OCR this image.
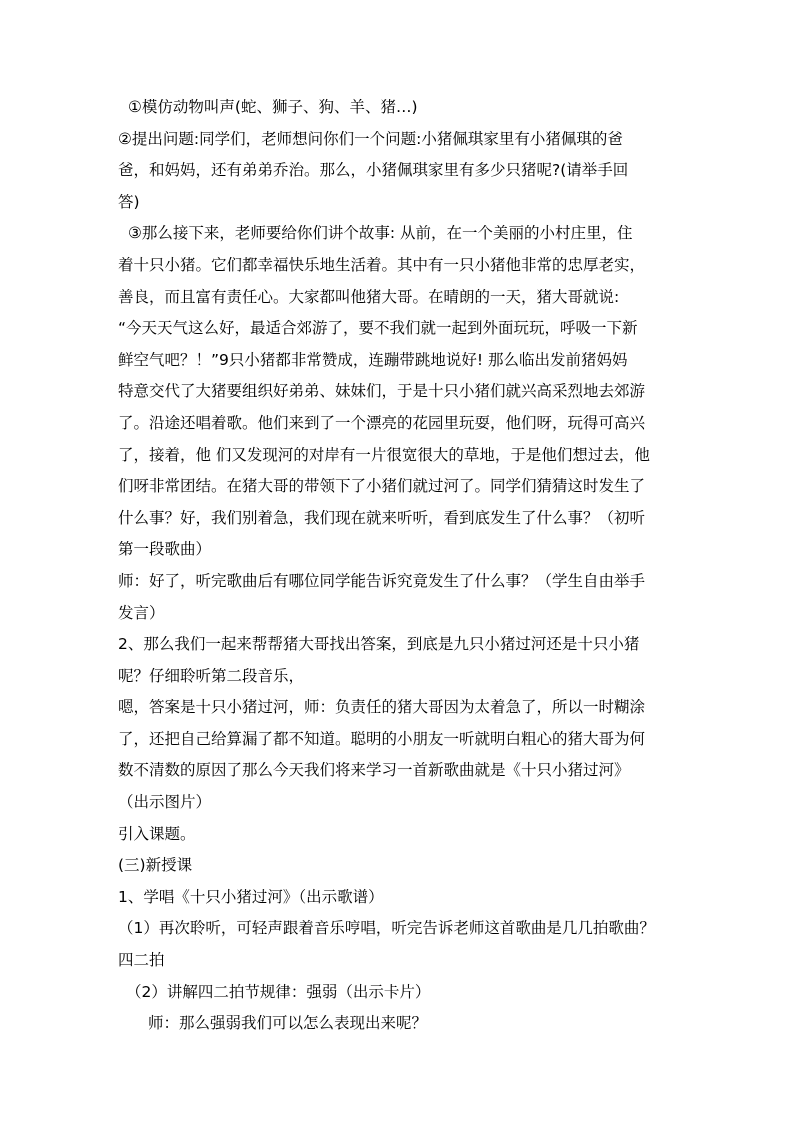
①模仿动物叫声(蛇、狮子、狗、羊、猪…)
②提出问题:同学们，老师想问你们一个问题:小猪佩琪家里有小猪佩琪的爸
爸，和妈妈，还有弟弟乔治。那么，小猪佩琪家里有多少只猪呢?(请举手回
答)
③那么接下来，老师要给你们讲个故事: 从前，在一个美丽的小村庄里，住
着十只小猪。它们都幸福快乐地生活着。其中有一只小猪他非常的忠厚老实，
善良，而且富有责任心。大家都叫他猪大哥。在晴朗的一天，猪大哥就说:
“今天天气这么好，最适合郊游了，要不我们就一起到外面玩玩，呼吸一下新
鲜空气吧？！”9只小猪都非常赞成，连蹦带跳地说好! 那么临出发前猪妈妈
特意交代了大猪要组织好弟弟、妹妹们，于是十只小猪们就兴高采烈地去郊游
了。沿途还唱着歌。他们来到了一个漂亮的花园里玩耍，他们呀，玩得可高兴
了，接着，他 们又发现河的对岸有一片很宽很大的草地，于是他们想过去，他
们呀非常团结。在猪大哥的带领下了小猪们就过河了。同学们猜猜这时发生了
什么事？好，我们别着急，我们现在就来听听，看到底发生了什么事？（初听
第一段歌曲）
师：好了，听完歌曲后有哪位同学能告诉究竟发生了什么事？（学生自由举手
发言）
2、那么我们一起来帮帮猪大哥找出答案，到底是九只小猪过河还是十只小猪
呢？仔细聆听第二段音乐，
嗯，答案是十只小猪过河，师：负责任的猪大哥因为太着急了，所以一时糊涂
了，还把自己给算漏了都不知道。聪明的小朋友一听就明白粗心的猪大哥为何
数不清数的原因了那么今天我们将来学习一首新歌曲就是《十只小猪过河》
（出示图片）
引入课题。
(三)新授课
1、学唱《十只小猪过河》（出示歌谱）
（1）再次聆听，可轻声跟着音乐哼唱，听完告诉老师这首歌曲是几几拍歌曲？
四二拍
（2）讲解四二拍节规律：强弱（出示卡片）
师：那么强弱我们可以怎么表现出来呢？
